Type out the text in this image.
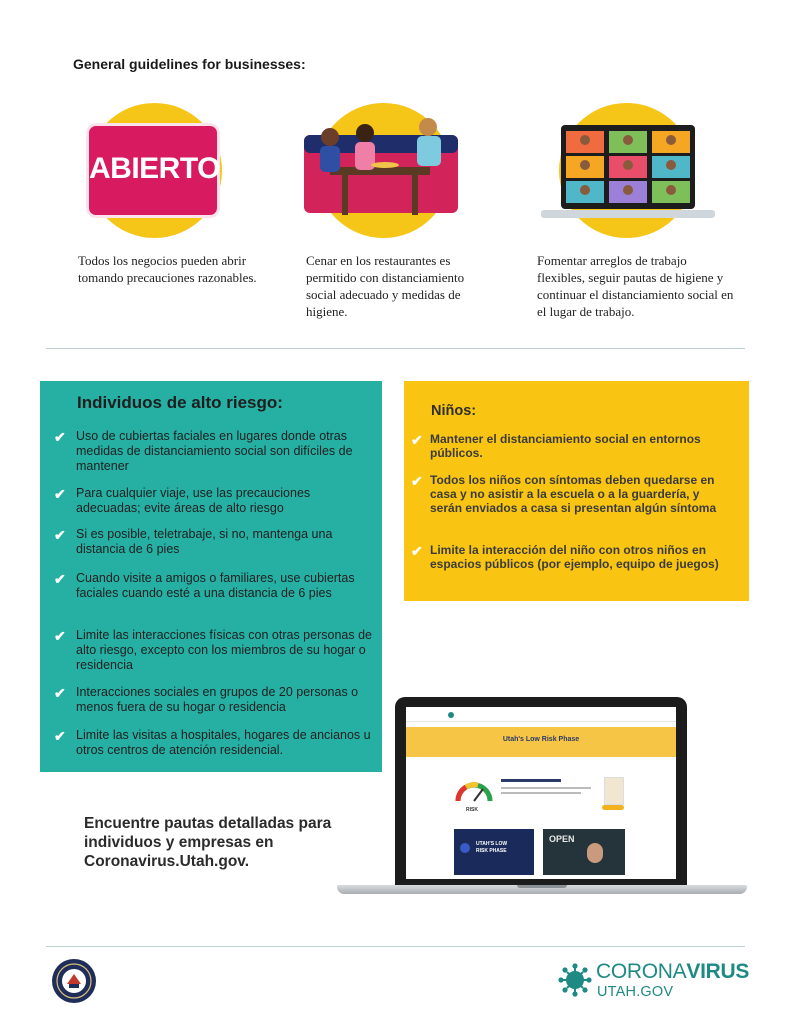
General guidelines for businesses:
ABIERTO
Todos los negocios pueden abrir tomando precauciones razonables.
Cenar en los restaurantes es permitido con distanciamiento social adecuado y medidas de higiene.
Fomentar arreglos de trabajo flexibles, seguir pautas de higiene y continuar el distanciamiento social en el lugar de trabajo.
Individuos de alto riesgo:
✔ Uso de cubiertas faciales en lugares donde otras medidas de distanciamiento social son difíciles de mantener
✔ Para cualquier viaje, use las precauciones adecuadas; evite áreas de alto riesgo
✔ Si es posible, teletrabaje, si no, mantenga una distancia de 6 pies
✔ Cuando visite a amigos o familiares, use cubiertas faciales cuando esté a una distancia de 6 pies
✔ Limite las interacciones físicas con otras personas de alto riesgo, excepto con los miembros de su hogar o residencia
✔ Interacciones sociales en grupos de 20 personas o menos fuera de su hogar o residencia
✔ Limite las visitas a hospitales, hogares de ancianos u otros centros de atención residencial.
Niños:
✔ Mantener el distanciamiento social en entornos públicos.
✔ Todos los niños con síntomas deben quedarse en casa y no asistir a la escuela o a la guardería, y serán enviados a casa si presentan algún síntoma
✔ Limite la interacción del niño con otros niños en espacios públicos (por ejemplo, equipo de juegos)
Utah's Low Risk Phase
RISK
UTAH'S LOW
RISK PHASE
OPEN
Encuentre pautas detalladas para individuos y empresas en Coronavirus.Utah.gov.
CORONAVIRUS
UTAH.GOV
